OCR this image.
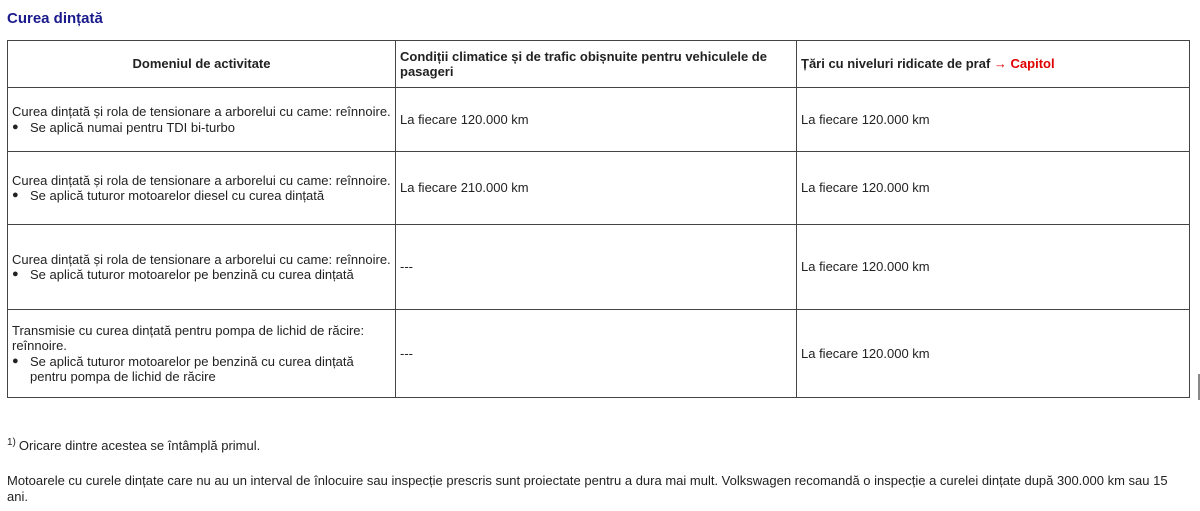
Curea dințată
Domeniul de activitate	Condiții climatice și de trafic obișnuite pentru vehiculele de pasageri	Țări cu niveluri ridicate de praf → Capitol

Curea dințată și rola de tensionare a arborelui cu came: reînnoire.
● Se aplică numai pentru TDI bi-turbo	La fiecare 120.000 km	La fiecare 120.000 km

Curea dințată și rola de tensionare a arborelui cu came: reînnoire.
● Se aplică tuturor motoarelor diesel cu curea dințată	La fiecare 210.000 km	La fiecare 120.000 km

Curea dințată și rola de tensionare a arborelui cu came: reînnoire.
● Se aplică tuturor motoarelor pe benzină cu curea dințată	---	La fiecare 120.000 km

Transmisie cu curea dințată pentru pompa de lichid de răcire: reînnoire.
● Se aplică tuturor motoarelor pe benzină cu curea dințată pentru pompa de lichid de răcire	---	La fiecare 120.000 km
$^{1)}$ Oricare dintre acestea se întâmplă primul.
Motoarele cu curele dințate care nu au un interval de înlocuire sau inspecție prescris sunt proiectate pentru a dura mai mult. Volkswagen recomandă o inspecție a curelei dințate după 300.000 km sau 15 ani.
